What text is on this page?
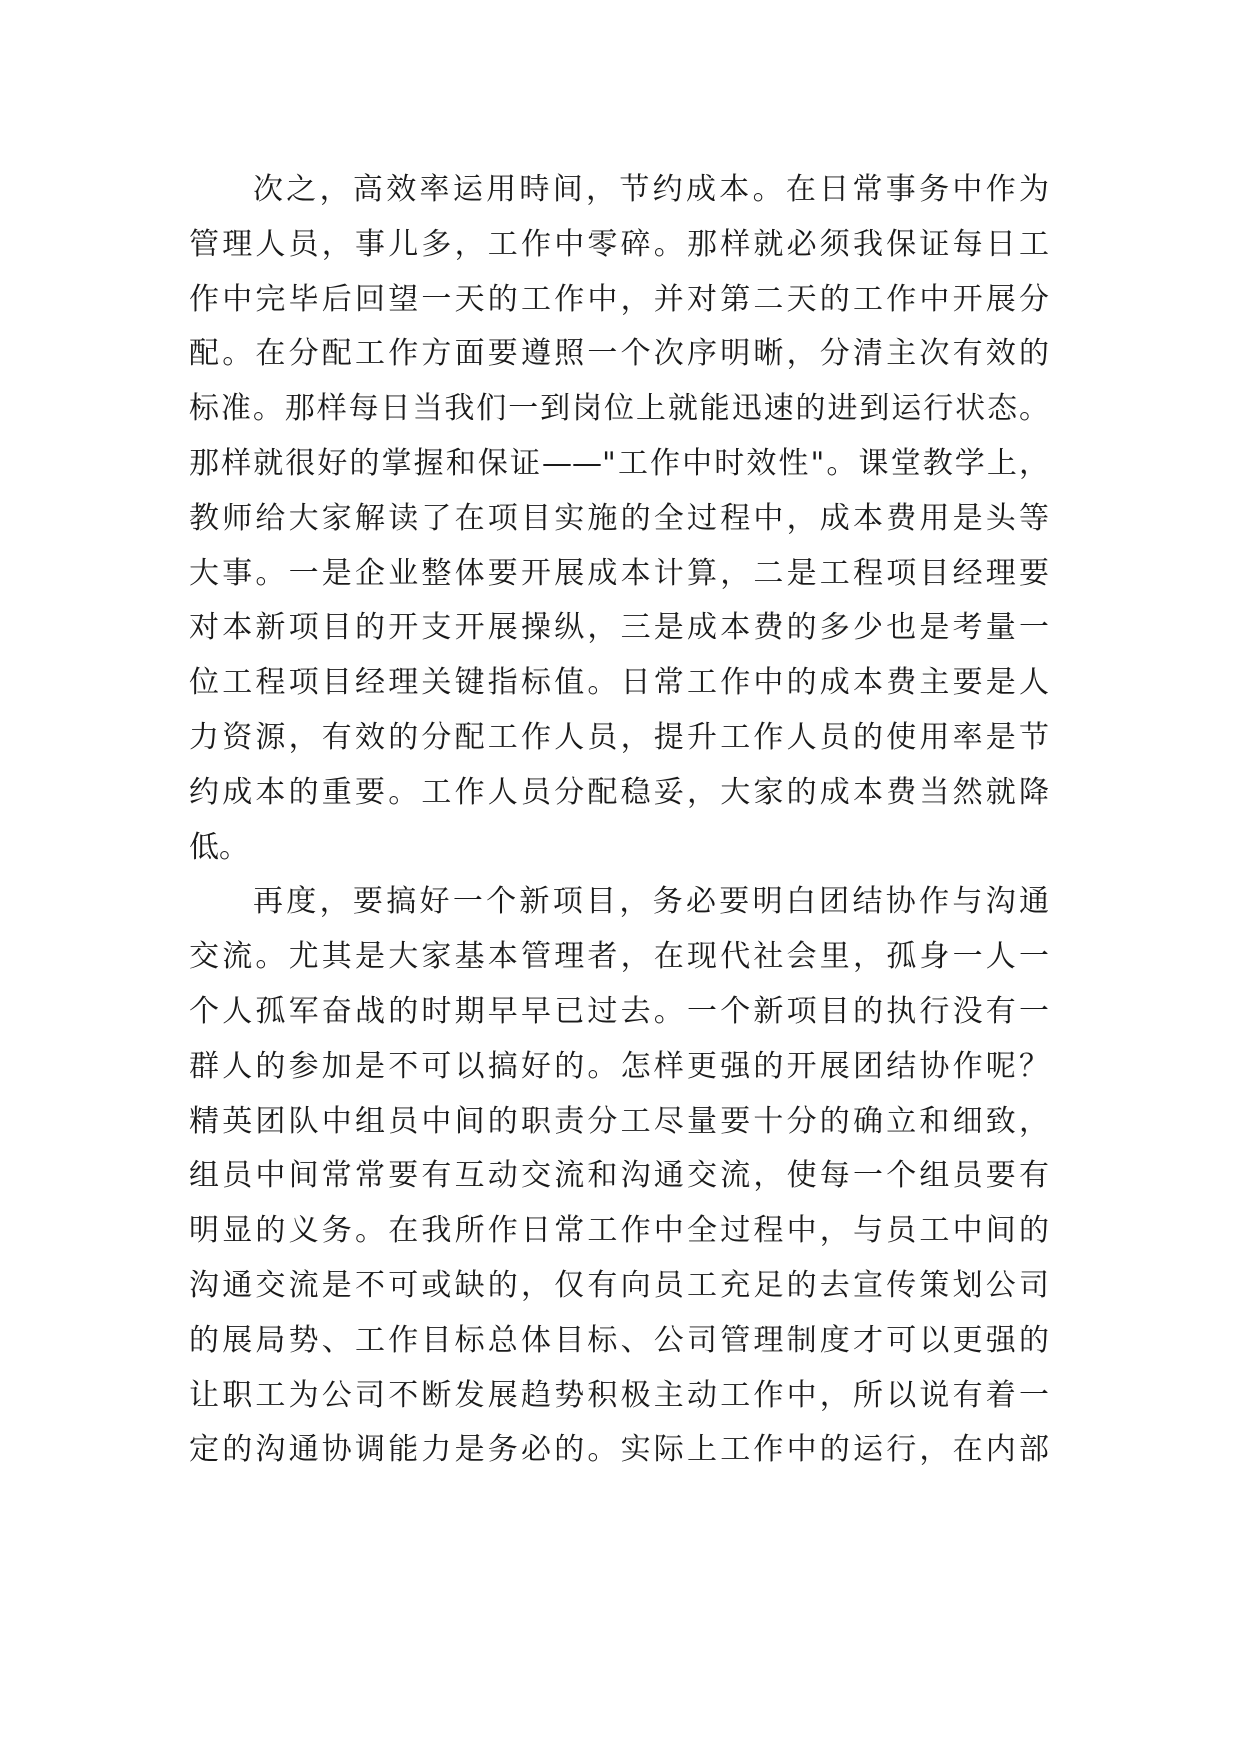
次之，高效率运用時间，节约成本。在日常事务中作为
管理人员，事儿多，工作中零碎。那样就必须我保证每日工
作中完毕后回望一天的工作中，并对第二天的工作中开展分
配。在分配工作方面要遵照一个次序明晰，分清主次有效的
标准。那样每日当我们一到岗位上就能迅速的进到运行状态。
那样就很好的掌握和保证——"工作中时效性"。课堂教学上，
教师给大家解读了在项目实施的全过程中，成本费用是头等
大事。一是企业整体要开展成本计算，二是工程项目经理要
对本新项目的开支开展操纵，三是成本费的多少也是考量一
位工程项目经理关键指标值。日常工作中的成本费主要是人
力资源，有效的分配工作人员，提升工作人员的使用率是节
约成本的重要。工作人员分配稳妥，大家的成本费当然就降
低。
再度，要搞好一个新项目，务必要明白团结协作与沟通
交流。尤其是大家基本管理者，在现代社会里，孤身一人一
个人孤军奋战的时期早早已过去。一个新项目的执行没有一
群人的参加是不可以搞好的。怎样更强的开展团结协作呢？
精英团队中组员中间的职责分工尽量要十分的确立和细致，
组员中间常常要有互动交流和沟通交流，使每一个组员要有
明显的义务。在我所作日常工作中全过程中，与员工中间的
沟通交流是不可或缺的，仅有向员工充足的去宣传策划公司
的展局势、工作目标总体目标、公司管理制度才可以更强的
让职工为公司不断发展趋势积极主动工作中，所以说有着一
定的沟通协调能力是务必的。实际上工作中的运行，在内部
